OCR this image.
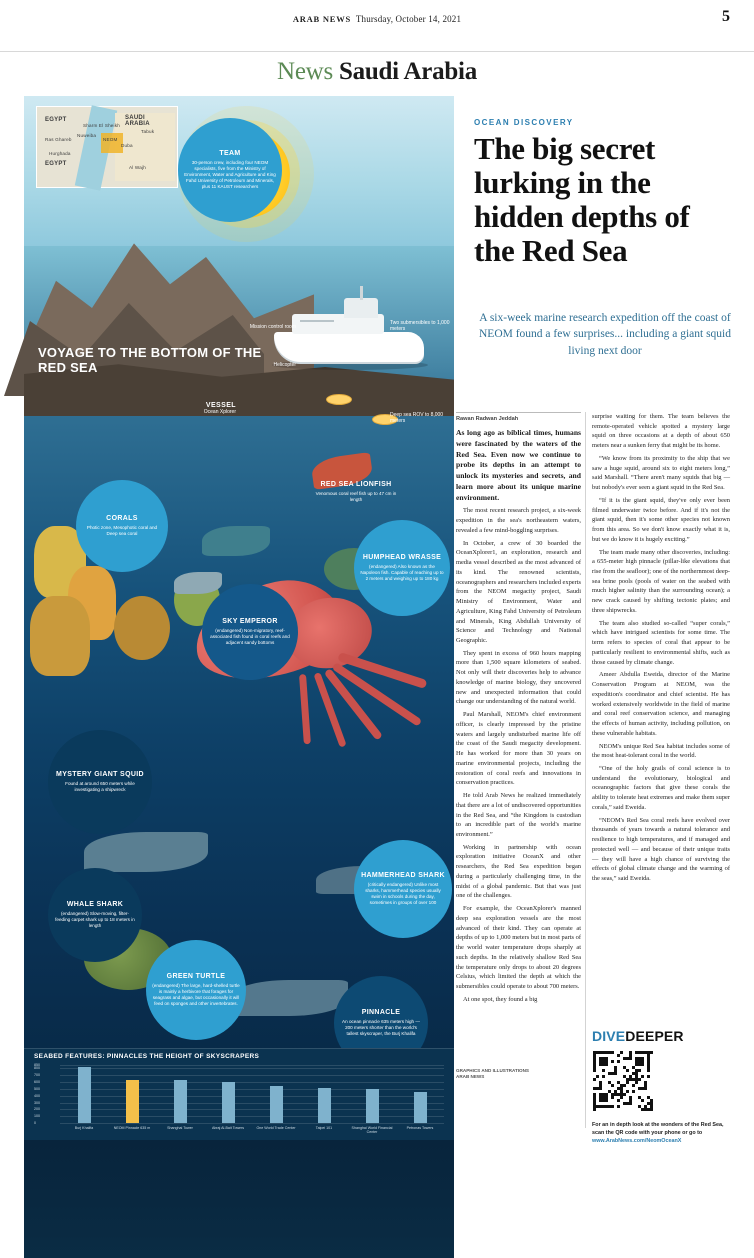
ARAB NEWS Thursday, October 14, 2021	5
News Saudi Arabia
EGYPT	SAUDI ARABIA
NEOM
EGYPT
Ras Ghareb
Hurghada
Duba
Tabuk
Sharm El Sheikh
Nuweiba
Al Wajh
VESSEL
Ocean Xplorer
Mission control room
Helicopter
Two submersibles to 1,000 meters
Deep sea ROV to 8,000 meters
TEAM
30-person crew, including four NEOM specialists, five from the Ministry of Environment, Water and Agriculture and King Fahd University of Petroleum and Minerals, plus 11 KAUST researchers
VOYAGE TO THE BOTTOM OF THE RED SEA
RED SEA LIONFISH
Venomous coral reef fish up to 47 cm in length
CORALS
Photic zone, Mesophotic coral and Deep sea coral
HUMPHEAD WRASSE
(endangered) Also known as the Napoleon fish. Capable of reaching up to 2 meters and weighing up to 180 kg
SKY EMPEROR
(endangered) Non-migratory, reef-associated fish found in coral reefs and adjacent sandy bottoms
MYSTERY GIANT SQUID
Found at around 650 meters while investigating a shipwreck
HAMMERHEAD SHARK
(critically endangered) Unlike most sharks, hammerhead species usually swim in schools during the day, sometimes in groups of over 100
WHALE SHARK
(endangered) Slow-moving, filter-feeding carpet shark up to 18 meters in length
GREEN TURTLE
(endangered) The large, hard-shelled turtle is mainly a herbivore that forages for seagrass and algae, but occasionally it will feed on sponges and other invertebrates.
PINNACLE
An ocean pinnacle 635 meters high — 200 meters shorter than the world's tallest skyscraper, the Burj Khalifa
SEABED FEATURES: PINNACLES THE HEIGHT OF SKYSCRAPERS
0
100
200
300
400
500
600
700
800
850
Burj Khalifa	NEOM Pinnacle 635 m	Shanghai Tower	Abraj Al-Bait Towers	One World Trade Center	Taipei 101	Shanghai World Financial Center
Petronas Towers
OCEAN DISCOVERY
The big secret lurking in the hidden depths of the Red Sea
A six-week marine research expedition off the coast of NEOM found a few surprises... including a giant squid living next door
Rawan Radwan Jeddah

As long ago as biblical times, humans were fascinated by the waters of the Red Sea. Even now we continue to probe its depths in an attempt to unlock its mysteries and secrets, and learn more about its unique marine environment.

The most recent research project, a six-week expedition in the sea's northeastern waters, revealed a few mind-boggling surprises.

In October, a crew of 30 boarded the OceanXplorer1, an exploration, research and media vessel described as the most advanced of its kind. The renowned scientists, oceanographers and researchers included experts from the NEOM megacity project, Saudi Ministry of Environment, Water and Agriculture, King Fahd University of Petroleum and Minerals, King Abdullah University of Science and Technology and National Geographic.

They spent in excess of 960 hours mapping more than 1,500 square kilometers of seabed. Not only will their discoveries help to advance knowledge of marine biology, they uncovered new and unexpected information that could change our understanding of the natural world.

Paul Marshall, NEOM's chief environment officer, is clearly impressed by the pristine waters and largely undisturbed marine life off the coast of the Saudi megacity development. He has worked for more than 30 years on marine environmental projects, including the restoration of coral reefs and innovations in conservation practices.

He told Arab News he realized immediately that there are a lot of undiscovered opportunities in the Red Sea, and “the Kingdom is custodian to an incredible part of the world's marine environment.”

Working in partnership with ocean exploration initiative OceanX and other researchers, the Red Sea expedition began during a particularly challenging time, in the midst of a global pandemic. But that was just one of the challenges.

For example, the OceanXplorer's manned deep sea exploration vessels are the most advanced of their kind. They can operate at depths of up to 1,000 meters but in most parts of the world water temperature drops sharply at such depths. In the relatively shallow Red Sea the temperature only drops to about 20 degrees Celsius, which limited the depth at which the submersibles could operate to about 700 meters.

At one spot, they found a big

surprise waiting for them. The team believes the remote-operated vehicle spotted a mystery large squid on three occasions at a depth of about 650 meters near a sunken ferry that might be its home.

“We know from its proximity to the ship that we saw a huge squid, around six to eight meters long,” said Marshall. “There aren't many squids that big — but nobody's ever seen a giant squid in the Red Sea.

“If it is the giant squid, they've only ever been filmed underwater twice before. And if it's not the giant squid, then it's some other species not known from this area. So we don't know exactly what it is, but we do know it is hugely exciting.”

The team made many other discoveries, including: a 655-meter high pinnacle (pillar-like elevations that rise from the seafloor); one of the northernmost deep-sea brine pools (pools of water on the seabed with much higher salinity than the surrounding ocean); a new crack caused by shifting tectonic plates; and three shipwrecks.

The team also studied so-called “super corals,” which have intrigued scientists for some time. The term refers to species of coral that appear to be particularly resilient to environmental shifts, such as those caused by climate change.

Ameer Abdulla Eweida, director of the Marine Conservation Program at NEOM, was the expedition's coordinator and chief scientist. He has worked extensively worldwide in the field of marine and coral reef conservation science, and managing the effects of human activity, including pollution, on these vulnerable habitats.

NEOM's unique Red Sea habitat includes some of the most heat-tolerant coral in the world.

“One of the holy grails of coral science is to understand the evolutionary, biological and oceanographic factors that give these corals the ability to tolerate heat extremes and make them super corals,” said Eweida.

“NEOM's Red Sea coral reefs have evolved over thousands of years towards a natural tolerance and resilience to high temperatures, and if managed and protected well — and because of their unique traits — they will have a high chance of surviving the effects of global climate change and the warming of the seas,” said Eweida.

DIVEDEEPER
For an in depth look at the wonders of the Red Sea, scan the QR code with your phone or go to www.ArabNews.com/NeomOceanX
GRAPHICS AND ILLUSTRATIONS ARAB NEWS
